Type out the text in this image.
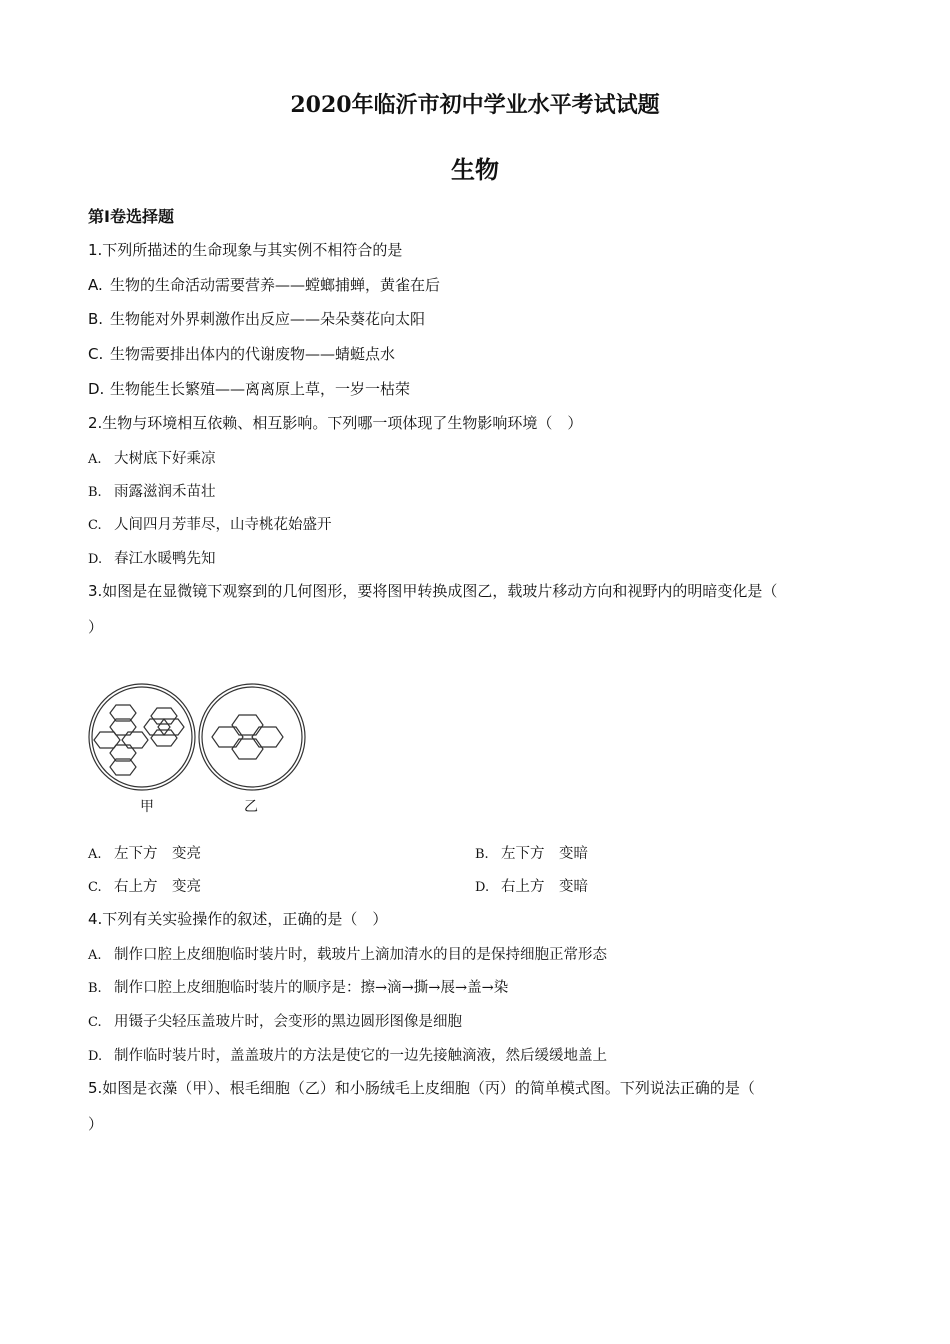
2020年临沂市初中学业水平考试试题
生物
第Ⅰ卷选择题
1.下列所描述的生命现象与其实例不相符合的是
A. 生物的生命活动需要营养——螳螂捕蝉，黄雀在后
B. 生物能对外界刺激作出反应——朵朵葵花向太阳
C. 生物需要排出体内的代谢废物——蜻蜓点水
D. 生物能生长繁殖——离离原上草，一岁一枯荣
2.生物与环境相互依赖、相互影响。下列哪一项体现了生物影响环境（　）
A. 大树底下好乘凉
B. 雨露滋润禾苗壮
C. 人间四月芳菲尽，山寺桃花始盛开
D. 春江水暖鸭先知
3.如图是在显微镜下观察到的几何图形，要将图甲转换成图乙，载玻片移动方向和视野内的明暗变化是（
）
甲	乙
A. 左下方　变亮	B. 左下方　变暗
C. 右上方　变亮	D. 右上方　变暗
4.下列有关实验操作的叙述，正确的是（　）
A. 制作口腔上皮细胞临时装片时，载玻片上滴加清水的目的是保持细胞正常形态
B. 制作口腔上皮细胞临时装片的顺序是：擦→滴→撕→展→盖→染
C. 用镊子尖轻压盖玻片时，会变形的黑边圆形图像是细胞
D. 制作临时装片时，盖盖玻片的方法是使它的一边先接触滴液，然后缓缓地盖上
5.如图是衣藻（甲）、根毛细胞（乙）和小肠绒毛上皮细胞（丙）的简单模式图。下列说法正确的是（
）
